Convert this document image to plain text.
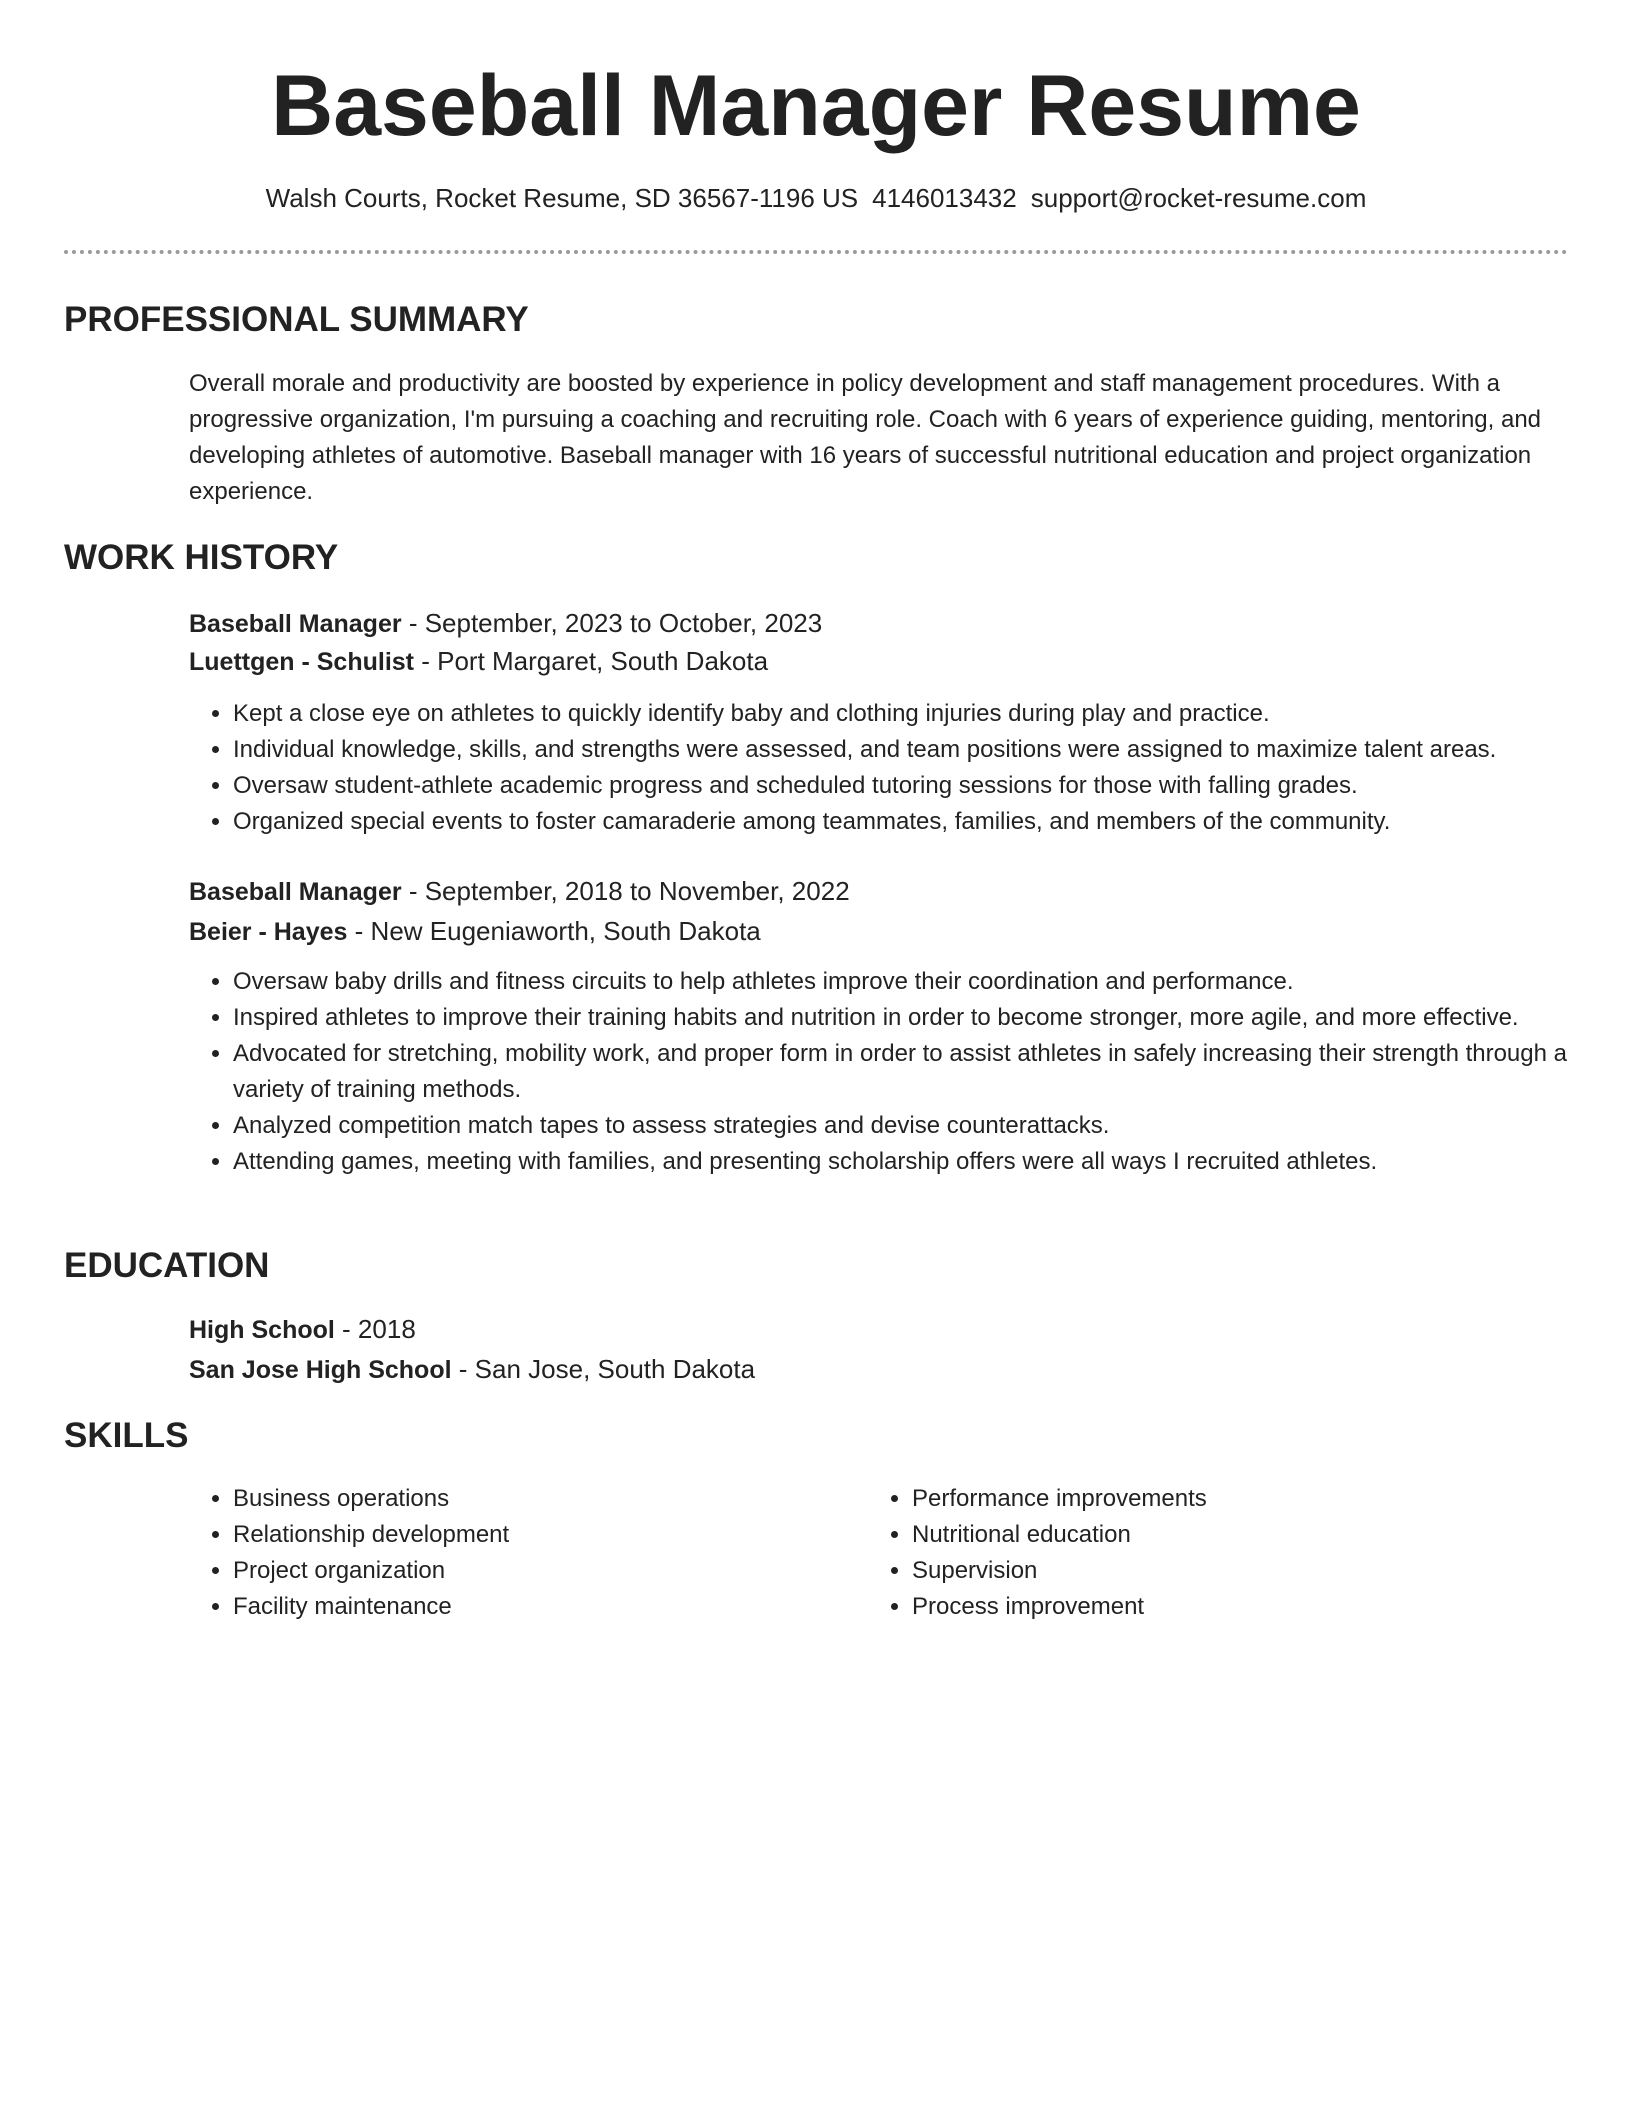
Baseball Manager Resume
Walsh Courts, Rocket Resume, SD 36567-1196 US 4146013432 support@rocket-resume.com
PROFESSIONAL SUMMARY

Overall morale and productivity are boosted by experience in policy development and staff management procedures. With a progressive organization, I'm pursuing a coaching and recruiting role. Coach with 6 years of experience guiding, mentoring, and developing athletes of automotive. Baseball manager with 16 years of successful nutritional education and project organization experience.

WORK HISTORY
Baseball Manager - September, 2023 to October, 2023
Luettgen - Schulist - Port Margaret, South Dakota
• Kept a close eye on athletes to quickly identify baby and clothing injuries during play and practice.
• Individual knowledge, skills, and strengths were assessed, and team positions were assigned to maximize talent areas.
• Oversaw student-athlete academic progress and scheduled tutoring sessions for those with falling grades.
• Organized special events to foster camaraderie among teammates, families, and members of the community.
Baseball Manager - September, 2018 to November, 2022
Beier - Hayes - New Eugeniaworth, South Dakota
• Oversaw baby drills and fitness circuits to help athletes improve their coordination and performance.
• Inspired athletes to improve their training habits and nutrition in order to become stronger, more agile, and more effective.
• Advocated for stretching, mobility work, and proper form in order to assist athletes in safely increasing their strength through a variety of training methods.
• Analyzed competition match tapes to assess strategies and devise counterattacks.
• Attending games, meeting with families, and presenting scholarship offers were all ways I recruited athletes.
EDUCATION
High School - 2018
San Jose High School - San Jose, South Dakota
SKILLS
• Business operations
• Relationship development
• Project organization
• Facility maintenance
• Performance improvements
• Nutritional education
• Supervision
• Process improvement
